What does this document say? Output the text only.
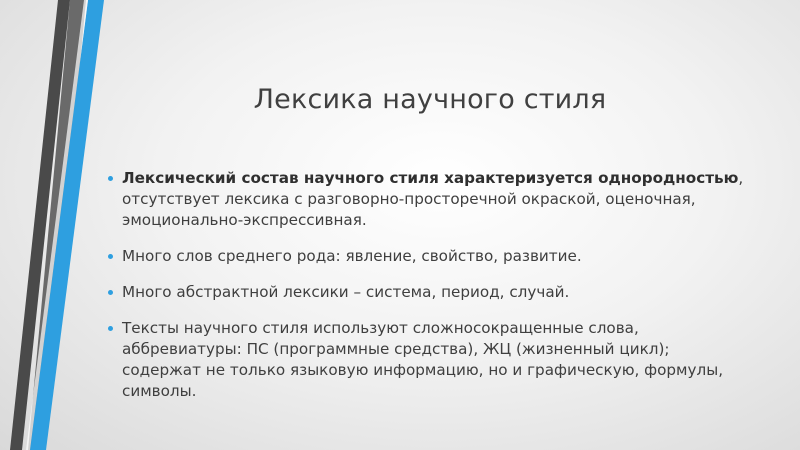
Лексика научного стиля
Лексический состав научного стиля характеризуется однородностью, отсутствует лексика с разговорно-просторечной окраской, оценочная, эмоционально-экспрессивная.
Много слов среднего рода: явление, свойство, развитие.
Много абстрактной лексики – система, период, случай.
Тексты научного стиля используют сложносокращенные слова, аббревиатуры: ПС (программные средства), ЖЦ (жизненный цикл); содержат не только языковую информацию, но и графическую, формулы, символы.
